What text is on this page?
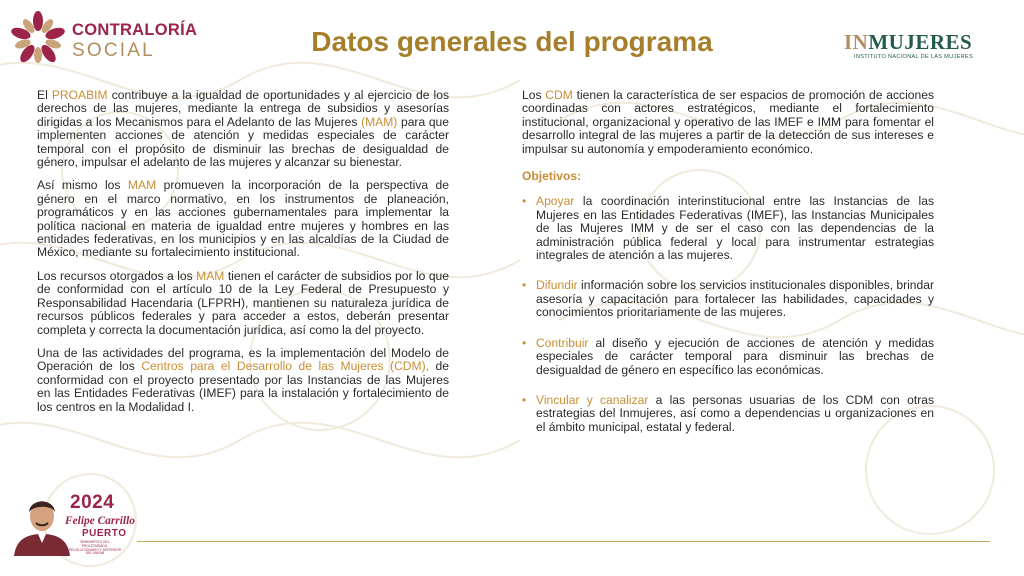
CONTRALORÍA
SOCIAL	Datos generales del programa	INMUJERES
INSTITUTO NACIONAL DE LAS MUJERES

El PROABIM contribuye a la igualdad de oportunidades y al ejercicio de los derechos de las mujeres, mediante la entrega de subsidios y asesorías dirigidas a los Mecanismos para el Adelanto de las Mujeres (MAM) para que implementen acciones de atención y medidas especiales de carácter temporal con el propósito de disminuir las brechas de desigualdad de género, impulsar el adelanto de las mujeres y alcanzar su bienestar.

Así mismo los MAM promueven la incorporación de la perspectiva de género en el marco normativo, en los instrumentos de planeación, programáticos y en las acciones gubernamentales para implementar la política nacional en materia de igualdad entre mujeres y hombres en las entidades federativas, en los municipios y en las alcaldías de la Ciudad de México, mediante su fortalecimiento institucional.

Los recursos otorgados a los MAM tienen el carácter de subsidios por lo que de conformidad con el artículo 10 de la Ley Federal de Presupuesto y Responsabilidad Hacendaria (LFPRH), mantienen su naturaleza jurídica de recursos públicos federales y para acceder a estos, deberán presentar completa y correcta la documentación jurídica, así como la del proyecto.

Una de las actividades del programa, es la implementación del Modelo de Operación de los Centros para el Desarrollo de las Mujeres (CDM), de conformidad con el proyecto presentado por las Instancias de las Mujeres en las Entidades Federativas (IMEF) para la instalación y fortalecimiento de los centros en la Modalidad I.

Los CDM tienen la característica de ser espacios de promoción de acciones coordinadas con actores estratégicos, mediante el fortalecimiento institucional, organizacional y operativo de las IMEF e IMM para fomentar el desarrollo integral de las mujeres a partir de la detección de sus intereses e impulsar su autonomía y empoderamiento económico.

Objetivos:
• Apoyar la coordinación interinstitucional entre las Instancias de las Mujeres en las Entidades Federativas (IMEF), las Instancias Municipales de las Mujeres IMM y de ser el caso con las dependencias de la administración pública federal y local para instrumentar estrategias integrales de atención a las mujeres.
• Difundir información sobre los servicios institucionales disponibles, brindar asesoría y capacitación para fortalecer las habilidades, capacidades y conocimientos prioritariamente de las mujeres.
• Contribuir al diseño y ejecución de acciones de atención y medidas especiales de carácter temporal para disminuir las brechas de desigualdad de género en específico las económicas.
• Vincular y canalizar a las personas usuarias de los CDM con otras estrategias del Inmujeres, así como a dependencias u organizaciones en el ámbito municipal, estatal y federal.
2024
Felipe Carrillo
PUERTO
BENEMÉRITO DEL PROLETARIADO, REVOLUCIONARIO Y DEFENSOR DEL MAYAB
